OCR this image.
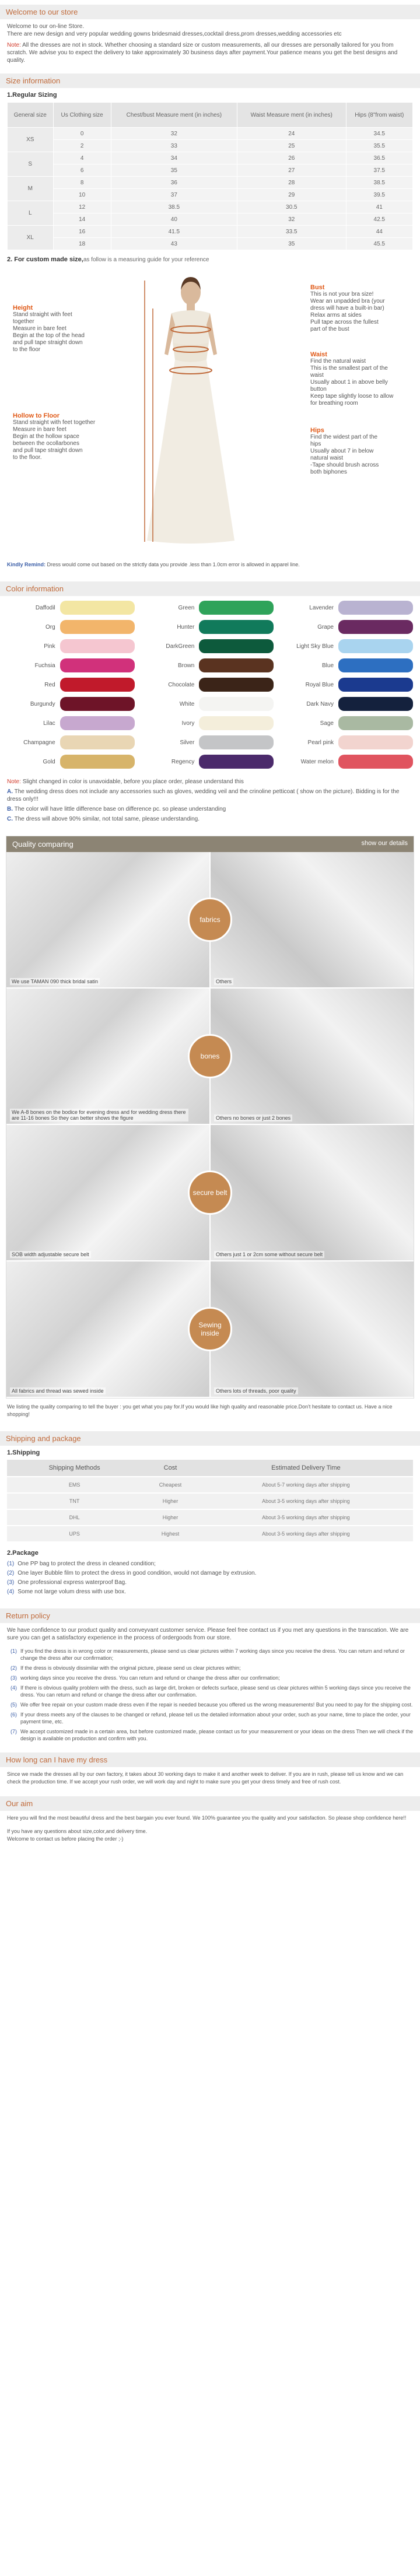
Welcome to our store
Welcome to our on-line Store.
There are new design and very popular wedding gowns bridesmaid dresses,cocktail dress,prom dresses,wedding accessories etc
Note: All the dresses are not in stock. Whether choosing a standard size or custom measurements, all our dresses are personally tailored for you from scratch. We advise you to expect the delivery to take approximately 30 business days after payment.Your patience means you get the best designs and quality.
Size information
1.Regular Sizing
General size	Us Clothing size	Chest/bust Measure ment (in inches)	Waist Measure ment (in inches)	Hips (8"from waist)
XS	0	32	24	34.5
	2	33	25	35.5
S	4	34	26	36.5
	6	35	27	37.5
M	8	36	28	38.5
	10	37	29	39.5
L	12	38.5	30.5	41
	14	40	32	42.5
XL	16	41.5	33.5	44
	18	43	35	45.5
2. For custom made size,as follow is a measuring guide for your reference
Height
Stand straight with feet together
Measure in bare feet
Begin at the top of the head
and pull tape straight down
to the floor
Hollow to Floor
Stand straight with feet together
Measure in bare feet
Begin at the hollow space
between the ocollarbones
and pull tape straight down
to the floor.
Bust
This is not your bra size!
Wear an unpadded bra (your
dress will have a built-in bar)
Relax arms at sides
Pull tape across the fullest
part of the bust
Waist
Find the natural waist
This is the smallest part of the
waist
Usually about 1 in above belly
button
Keep tape slightly loose to allow
for breathing room
Hips
Find the widest part of the
hips
Usually about 7 in below
natural waist
-Tape should brush across
both biphones
Kindly Remind: Dress would come out based on the strictly data you provide .less than 1.0cm error is allowed in apparel line.
Color information
Daffodil	Green	Lavender
Org	Hunter	Grape
Pink	DarkGreen	Light Sky Blue
Fuchsia	Brown	Blue
Red	Chocolate	Royal Blue
Burgundy	White	Dark Navy
Lilac	Ivory	Sage
Champagne	Silver	Pearl pink
Gold	Regency	Water melon
Note: Slight changed in color is unavoidable, before you place order, please understand this
A. The wedding dress does not include any accessories such as gloves, wedding veil and the crinoline petticoat ( show on the picture). Bidding is for the dress only!!!
B. The color will have little difference base on difference pc. so please understanding
C. The dress will above 90% similar, not total same, please understanding.
Quality comparing	show our details
We use TAMAN 090 thick bridal satin	Others
fabrics
We A-8 bones on the bodice for evening dress and for wedding dress there are 11-16 bones So they can better shows the figure	Others no bones or just 2 bones
bones
SOB width adjustable secure belt	Others just 1 or 2cm some without secure belt
secure belt
All fabrics and thread was sewed inside	Others lots of threads, poor quality
Sewing inside
We listing the quality comparing to tell the buyer : you get what you pay for.If you would like high quality and reasonable price.Don't hesitate to contact us. Have a nice shopping!
Shipping and package
1.Shipping
Shipping Methods	Cost	Estimated Delivery Time
EMS	Cheapest	About 5-7 working days after shipping
TNT	Higher	About 3-5 working days after shipping
DHL	Higher	About 3-5 working days after shipping
UPS	Highest	About 3-5 working days after shipping
2.Package
(1) One PP bag to protect the dress in cleaned condition;
(2) One layer Bubble film to protect the dress in good condition, would not damage by extrusion.
(3) One professional express waterproof Bag.
(4) Some not large volum dress with use box.
Return policy
We have confidence to our product quality and conveyvant customer service. Please feel free contact us if you met any questions in the transcation. We are sure you can get a satisfactory experience in the process of ordergoods from our store.
(1) If you find the dress is in wrong color or measurements, please send us clear pictures within 7 working days since you receive the dress. You can return and refund or change the dress after our confirmation;
(2) If the dress is obviously dissimilar with the original picture, please send us clear pictures within;
(3) working days since you receive the dress. You can return and refund or change the dress after our confirmation;
(4) If there is obvious quality problem with the dress, such as large dirt, broken or defects surface, please send us clear pictures within 5 working days since you receive the dress. You can return and refund or change the dress after our confirmation.
(5) We offer free repair on your custom made dress even if the repair is needed because you offered us the wrong measurements! But you need to pay for the shipping cost.
(6) If your dress meets any of the clauses to be changed or refund, please tell us the detailed information about your order, such as your name, time to place the order, your payment time, etc.
(7) We accept customized made in a certain area, but before customized made, please contact us for your measurement or your ideas on the dress Then we will check if the design is available on production and confirm with you.
How long can I have my dress
Since we made the dresses all by our own factory, it takes about 30 working days to make it and another week to deliver. If you are in rush, please tell us know and we can check the production time. If we accept your rush order, we will work day and night to make sure you get your dress timely and free of rush cost.
Our aim
Here you will find the most beautiful dress and the best bargain you ever found. We 100% guarantee you the quality and your satisfaction. So please shop confidence here!!
If you have any questions about size,color,and delivery time.
Welcome to contact us before placing the order ;-)
